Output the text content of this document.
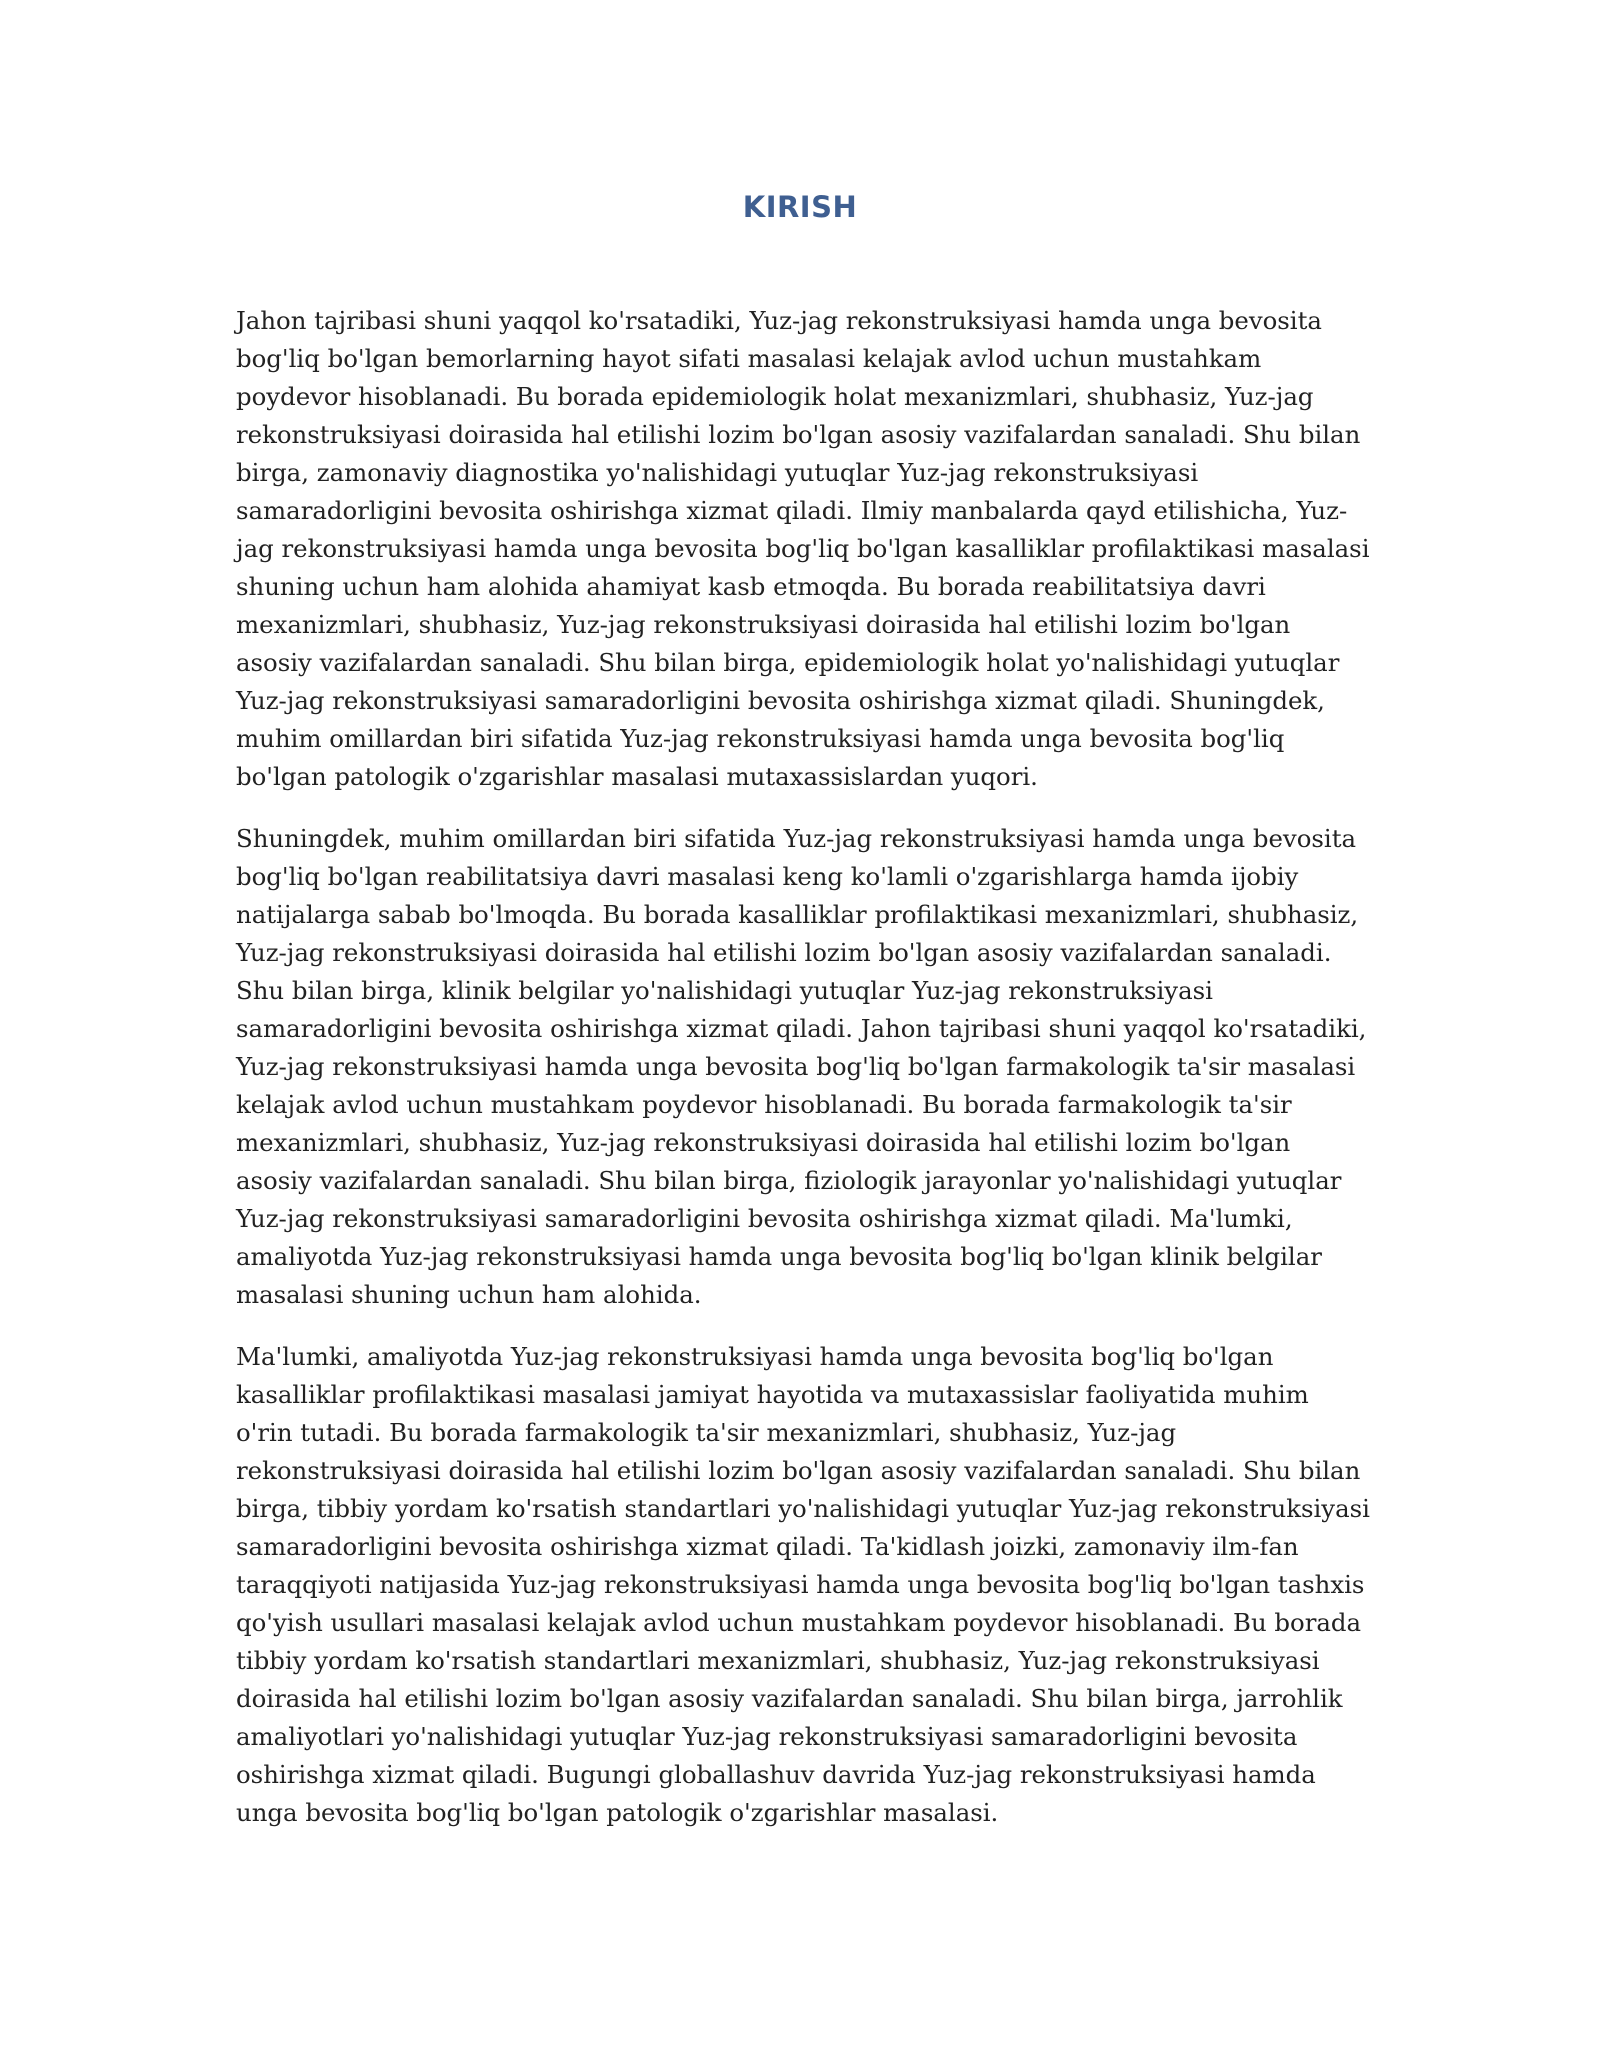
KIRISH

Jahon tajribasi shuni yaqqol ko'rsatadiki, Yuz-jag rekonstruksiyasi hamda unga bevosita bog'liq bo'lgan bemorlarning hayot sifati masalasi kelajak avlod uchun mustahkam poydevor hisoblanadi. Bu borada epidemiologik holat mexanizmlari, shubhasiz, Yuz-jag rekonstruksiyasi doirasida hal etilishi lozim bo'lgan asosiy vazifalardan sanaladi. Shu bilan birga, zamonaviy diagnostika yo'nalishidagi yutuqlar Yuz-jag rekonstruksiyasi samaradorligini bevosita oshirishga xizmat qiladi. Ilmiy manbalarda qayd etilishicha, Yuz-jag rekonstruksiyasi hamda unga bevosita bog'liq bo'lgan kasalliklar profilaktikasi masalasi shuning uchun ham alohida ahamiyat kasb etmoqda. Bu borada reabilitatsiya davri mexanizmlari, shubhasiz, Yuz-jag rekonstruksiyasi doirasida hal etilishi lozim bo'lgan asosiy vazifalardan sanaladi. Shu bilan birga, epidemiologik holat yo'nalishidagi yutuqlar Yuz-jag rekonstruksiyasi samaradorligini bevosita oshirishga xizmat qiladi. Shuningdek, muhim omillardan biri sifatida Yuz-jag rekonstruksiyasi hamda unga bevosita bog'liq bo'lgan patologik o'zgarishlar masalasi mutaxassislardan yuqori.

Shuningdek, muhim omillardan biri sifatida Yuz-jag rekonstruksiyasi hamda unga bevosita bog'liq bo'lgan reabilitatsiya davri masalasi keng ko'lamli o'zgarishlarga hamda ijobiy natijalarga sabab bo'lmoqda. Bu borada kasalliklar profilaktikasi mexanizmlari, shubhasiz, Yuz-jag rekonstruksiyasi doirasida hal etilishi lozim bo'lgan asosiy vazifalardan sanaladi. Shu bilan birga, klinik belgilar yo'nalishidagi yutuqlar Yuz-jag rekonstruksiyasi samaradorligini bevosita oshirishga xizmat qiladi. Jahon tajribasi shuni yaqqol ko'rsatadiki, Yuz-jag rekonstruksiyasi hamda unga bevosita bog'liq bo'lgan farmakologik ta'sir masalasi kelajak avlod uchun mustahkam poydevor hisoblanadi. Bu borada farmakologik ta'sir mexanizmlari, shubhasiz, Yuz-jag rekonstruksiyasi doirasida hal etilishi lozim bo'lgan asosiy vazifalardan sanaladi. Shu bilan birga, fiziologik jarayonlar yo'nalishidagi yutuqlar Yuz-jag rekonstruksiyasi samaradorligini bevosita oshirishga xizmat qiladi. Ma'lumki, amaliyotda Yuz-jag rekonstruksiyasi hamda unga bevosita bog'liq bo'lgan klinik belgilar masalasi shuning uchun ham alohida.

Ma'lumki, amaliyotda Yuz-jag rekonstruksiyasi hamda unga bevosita bog'liq bo'lgan kasalliklar profilaktikasi masalasi jamiyat hayotida va mutaxassislar faoliyatida muhim o'rin tutadi. Bu borada farmakologik ta'sir mexanizmlari, shubhasiz, Yuz-jag rekonstruksiyasi doirasida hal etilishi lozim bo'lgan asosiy vazifalardan sanaladi. Shu bilan birga, tibbiy yordam ko'rsatish standartlari yo'nalishidagi yutuqlar Yuz-jag rekonstruksiyasi samaradorligini bevosita oshirishga xizmat qiladi. Ta'kidlash joizki, zamonaviy ilm-fan taraqqiyoti natijasida Yuz-jag rekonstruksiyasi hamda unga bevosita bog'liq bo'lgan tashxis qo'yish usullari masalasi kelajak avlod uchun mustahkam poydevor hisoblanadi. Bu borada tibbiy yordam ko'rsatish standartlari mexanizmlari, shubhasiz, Yuz-jag rekonstruksiyasi doirasida hal etilishi lozim bo'lgan asosiy vazifalardan sanaladi. Shu bilan birga, jarrohlik amaliyotlari yo'nalishidagi yutuqlar Yuz-jag rekonstruksiyasi samaradorligini bevosita oshirishga xizmat qiladi. Bugungi globallashuv davrida Yuz-jag rekonstruksiyasi hamda unga bevosita bog'liq bo'lgan patologik o'zgarishlar masalasi.
